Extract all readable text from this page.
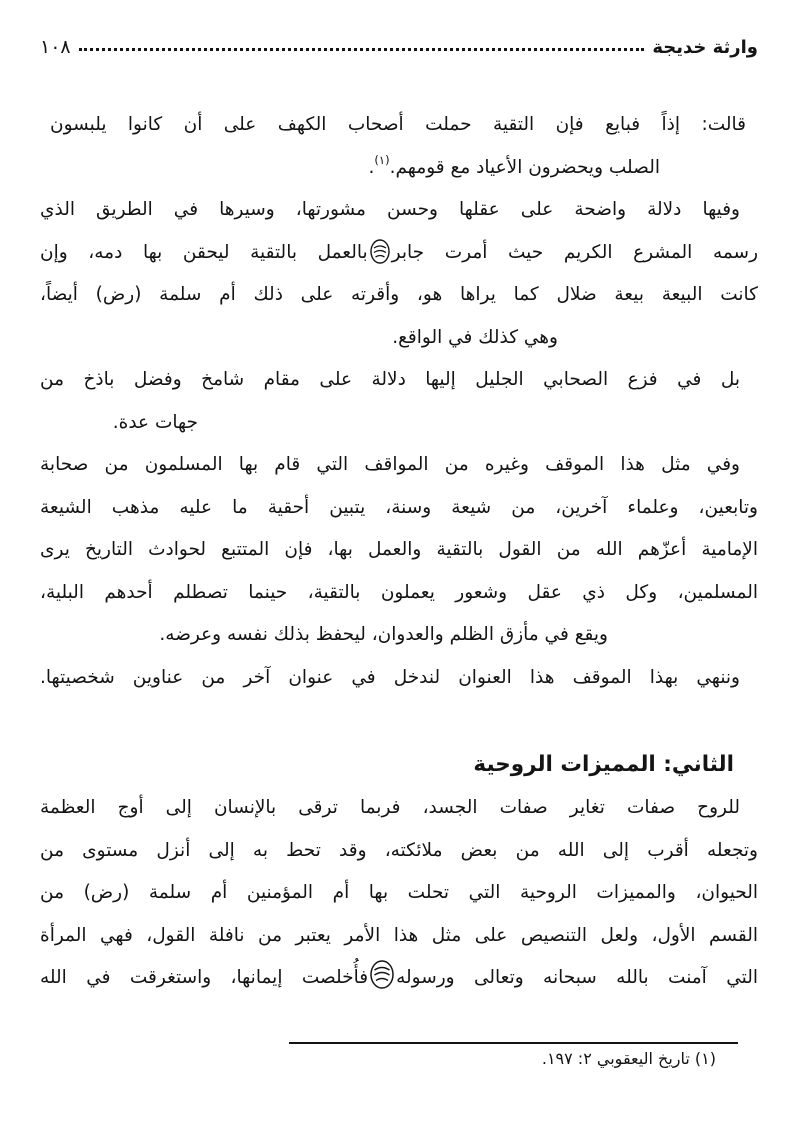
وارثة خديجة
١٠٨
قالت: إذاً فبايع فإن التقية حملت أصحاب الكهف على أن كانوا يلبسون
الصلب ويحضرون الأعياد مع قومهم.$^{(١)}$.
وفيها دلالة واضحة على عقلها وحسن مشورتها، وسيرها في الطريق الذي
رسمه المشرع الكريم حيث أمرت جابر
بالعمل بالتقية ليحقن بها دمه، وإن
كانت البيعة بيعة ضلال كما يراها هو، وأقرته على ذلك أم سلمة (رض) أيضاً،
وهي كذلك في الواقع.
بل في فزع الصحابي الجليل إليها دلالة على مقام شامخ وفضل باذخ من
جهات عدة.
وفي مثل هذا الموقف وغيره من المواقف التي قام بها المسلمون من صحابة
وتابعين، وعلماء آخرين، من شيعة وسنة، يتبين أحقية ما عليه مذهب الشيعة
الإمامية أعزّهم الله من القول بالتقية والعمل بها، فإن المتتبع لحوادث التاريخ يرى
المسلمين، وكل ذي عقل وشعور يعملون بالتقية، حينما تصطلم أحدهم البلية،
ويقع في مأزق الظلم والعدوان، ليحفظ بذلك نفسه وعرضه.
وننهي بهذا الموقف هذا العنوان لندخل في عنوان آخر من عناوين شخصيتها.
الثاني: المميزات الروحية
للروح صفات تغاير صفات الجسد، فربما ترقى بالإنسان إلى أوج العظمة
وتجعله أقرب إلى الله من بعض ملائكته، وقد تحط به إلى أنزل مستوى من
الحيوان، والمميزات الروحية التي تحلت بها أم المؤمنين أم سلمة (رض) من
القسم الأول، ولعل التنصيص على مثل هذا الأمر يعتبر من نافلة القول، فهي المرأة
التي آمنت بالله سبحانه وتعالى ورسوله
فأُخلصت إيمانها، واستغرقت في الله
(١) تاريخ اليعقوبي ٢: ١٩٧.
